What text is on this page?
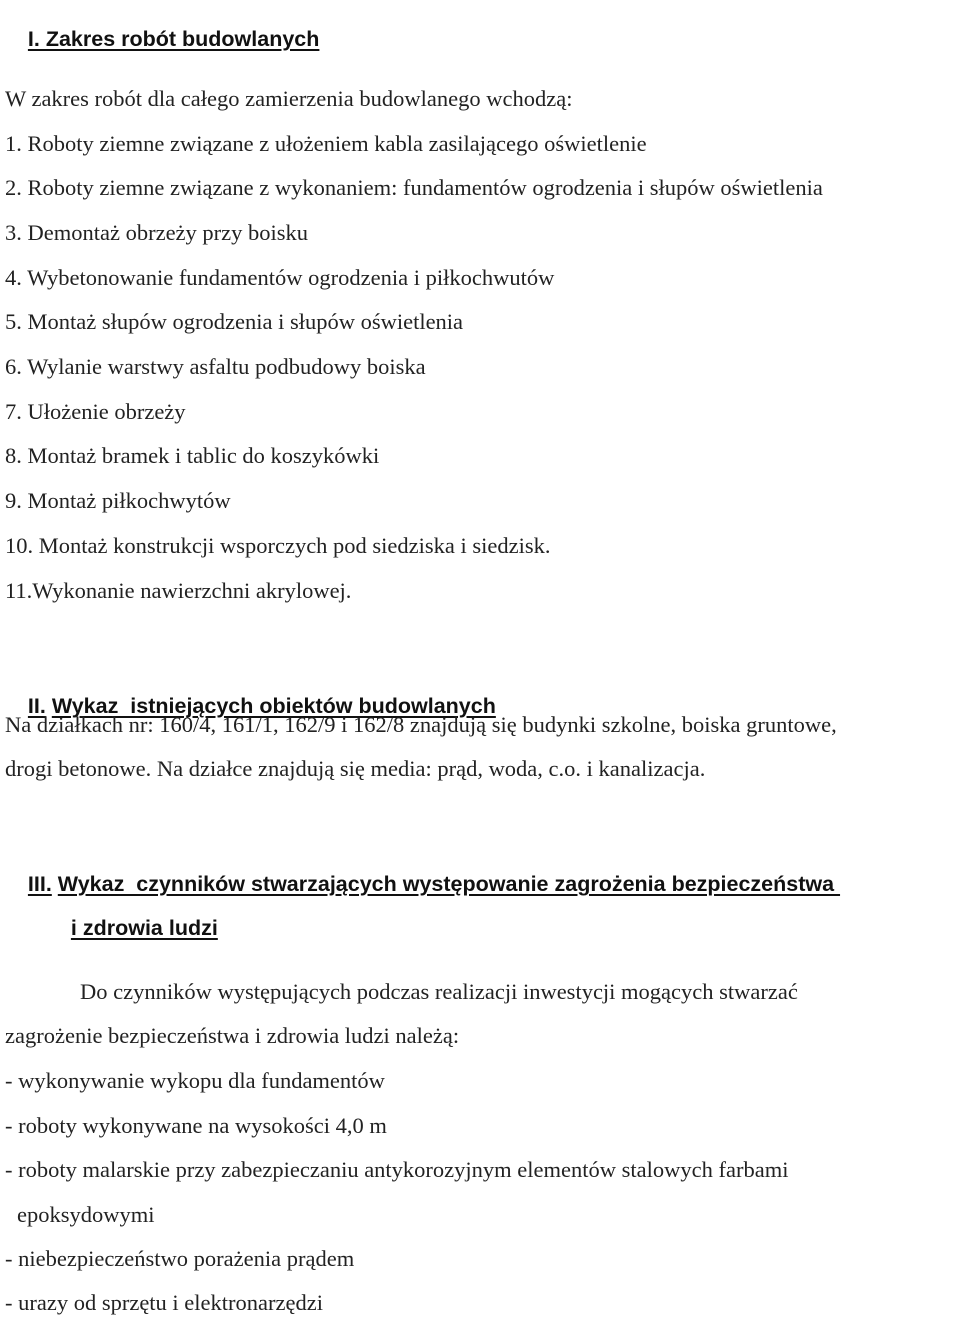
I. Zakres robót budowlanych

W zakres robót dla całego zamierzenia budowlanego wchodzą:
1. Roboty ziemne związane z ułożeniem kabla zasilającego oświetlenie
2. Roboty ziemne związane z wykonaniem: fundamentów ogrodzenia i słupów oświetlenia
3. Demontaż obrzeży przy boisku
4. Wybetonowanie fundamentów ogrodzenia i piłkochwutów
5. Montaż słupów ogrodzenia i słupów oświetlenia
6. Wylanie warstwy asfaltu podbudowy boiska
7. Ułożenie obrzeży
8. Montaż bramek i tablic do koszykówki
9. Montaż piłkochwytów
10. Montaż konstrukcji wsporczych pod siedziska i siedzisk.
11.Wykonanie nawierzchni akrylowej.

II. Wykaz  istniejących obiektów budowlanych

Na działkach nr: 160/4, 161/1, 162/9 i 162/8 znajdują się budynki szkolne, boiska gruntowe,
drogi betonowe. Na działce znajdują się media: prąd, woda, c.o. i kanalizacja.

III. Wykaz  czynników stwarzających występowanie zagrożenia bezpieczeństwa

i zdrowia ludzi

Do czynników występujących podczas realizacji inwestycji mogących stwarzać
zagrożenie bezpieczeństwa i zdrowia ludzi należą:
- wykonywanie wykopu dla fundamentów
- roboty wykonywane na wysokości 4,0 m
- roboty malarskie przy zabezpieczaniu antykorozyjnym elementów stalowych farbami
epoksydowymi
- niebezpieczeństwo porażenia prądem
- urazy od sprzętu i elektronarzędzi
